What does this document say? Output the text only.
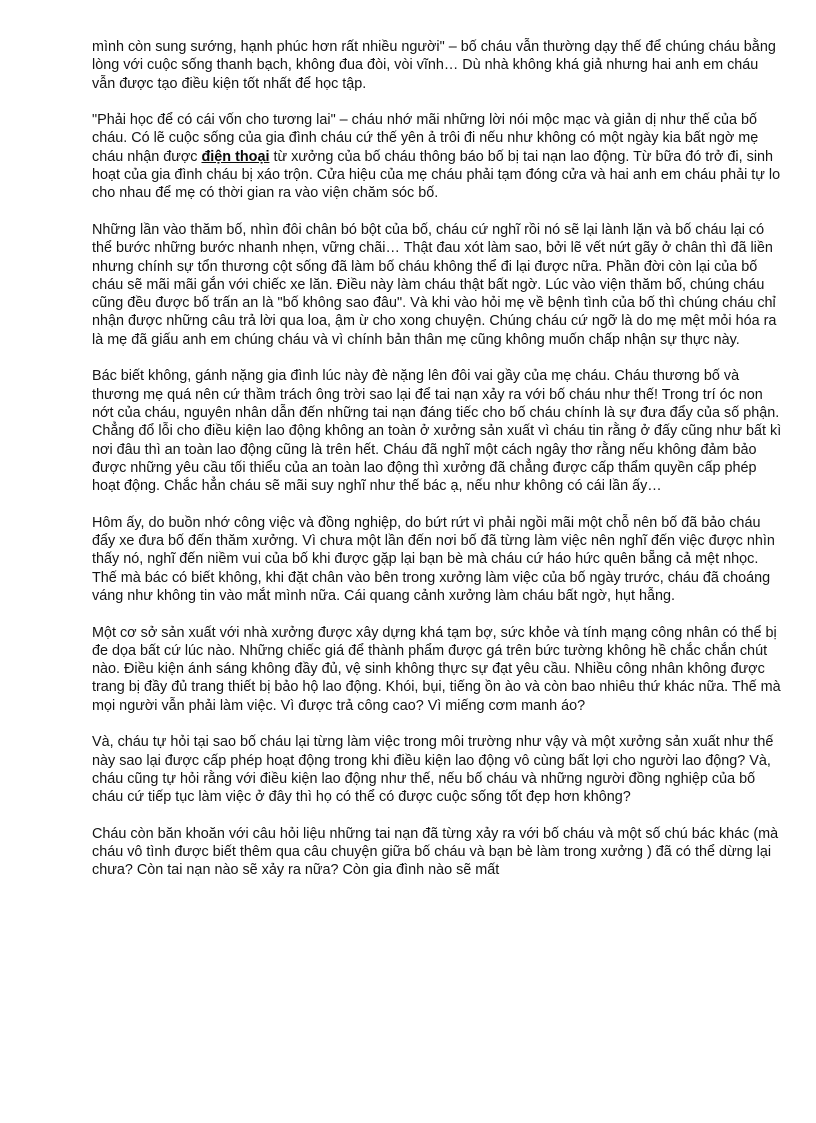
mình còn sung sướng, hạnh phúc hơn rất nhiều người" – bố cháu vẫn thường dạy thế để chúng cháu bằng lòng với cuộc sống thanh bạch, không đua đòi, vòi vĩnh… Dù nhà không khá giả nhưng hai anh em cháu vẫn được tạo điều kiện tốt nhất để học tập.

"Phải học để có cái vốn cho tương lai" – cháu nhớ mãi những lời nói mộc mạc và giản dị như thế của bố cháu. Có lẽ cuộc sống của gia đình cháu cứ thế yên ả trôi đi nếu như không có một ngày kia bất ngờ mẹ cháu nhận được điện thoại từ xưởng của bố cháu thông báo bố bị tai nạn lao động. Từ bữa đó trở đi, sinh hoạt của gia đình cháu bị xáo trộn. Cửa hiệu của mẹ cháu phải tạm đóng cửa và hai anh em cháu phải tự lo cho nhau để mẹ có thời gian ra vào viện chăm sóc bố.

Những lần vào thăm bố, nhìn đôi chân bó bột của bố, cháu cứ nghĩ rồi nó sẽ lại lành lặn và bố cháu lại có thể bước những bước nhanh nhẹn, vững chãi… Thật đau xót làm sao, bởi lẽ vết nứt gãy ở chân thì đã liền nhưng chính sự tổn thương cột sống đã làm bố cháu không thể đi lại được nữa. Phần đời còn lại của bố cháu sẽ mãi mãi gắn với chiếc xe lăn. Điều này làm cháu thật bất ngờ. Lúc vào viện thăm bố, chúng cháu cũng đều được bố trấn an là "bố không sao đâu". Và khi vào hỏi mẹ về bệnh tình của bố thì chúng cháu chỉ nhận được những câu trả lời qua loa, ậm ừ cho xong chuyện. Chúng cháu cứ ngỡ là do mẹ mệt mỏi hóa ra là mẹ đã giấu anh em chúng cháu và vì chính bản thân mẹ cũng không muốn chấp nhận sự thực này.

Bác biết không, gánh nặng gia đình lúc này đè nặng lên đôi vai gầy của mẹ cháu. Cháu thương bố và thương mẹ quá nên cứ thầm trách ông trời sao lại để tai nạn xảy ra với bố cháu như thế! Trong trí óc non nớt của cháu, nguyên nhân dẫn đến những tai nạn đáng tiếc cho bố cháu chính là sự đưa đẩy của số phận. Chẳng đổ lỗi cho điều kiện lao động không an toàn ở xưởng sản xuất vì cháu tin rằng ở đấy cũng như bất kì nơi đâu thì an toàn lao động cũng là trên hết. Cháu đã nghĩ một cách ngây thơ rằng nếu không đảm bảo được những yêu cầu tối thiểu của an toàn lao động thì xưởng đã chẳng được cấp thẩm quyền cấp phép hoạt động. Chắc hẳn cháu sẽ mãi suy nghĩ như thế bác ạ, nếu như không có cái lần ấy…

Hôm ấy, do buồn nhớ công việc và đồng nghiệp, do bứt rứt vì phải ngồi mãi một chỗ nên bố đã bảo cháu đẩy xe đưa bố đến thăm xưởng. Vì chưa một lần đến nơi bố đã từng làm việc nên nghĩ đến việc được nhìn thấy nó, nghĩ đến niềm vui của bố khi được gặp lại bạn bè mà cháu cứ háo hức quên bẵng cả mệt nhọc. Thế mà bác có biết không, khi đặt chân vào bên trong xưởng làm việc của bố ngày trước, cháu đã choáng váng như không tin vào mắt mình nữa. Cái quang cảnh xưởng làm cháu bất ngờ, hụt hẫng.

Một cơ sở sản xuất với nhà xưởng được xây dựng khá tạm bợ, sức khỏe và tính mạng công nhân có thể bị đe dọa bất cứ lúc nào. Những chiếc giá để thành phẩm được gá trên bức tường không hề chắc chắn chút nào. Điều kiện ánh sáng không đầy đủ, vệ sinh không thực sự đạt yêu cầu. Nhiều công nhân không được trang bị đầy đủ trang thiết bị bảo hộ lao động. Khói, bụi, tiếng ồn ào và còn bao nhiêu thứ khác nữa. Thế mà mọi người vẫn phải làm việc. Vì được trả công cao? Vì miếng cơm manh áo?

Và, cháu tự hỏi tại sao bố cháu lại từng làm việc trong môi trường như vậy và một xưởng sản xuất như thế này sao lại được cấp phép hoạt động trong khi điều kiện lao động vô cùng bất lợi cho người lao động? Và, cháu cũng tự hỏi rằng với điều kiện lao động như thế, nếu bố cháu và những người đồng nghiệp của bố cháu cứ tiếp tục làm việc ở đây thì họ có thể có được cuộc sống tốt đẹp hơn không?

Cháu còn băn khoăn với câu hỏi liệu những tai nạn đã từng xảy ra với bố cháu và một số chú bác khác (mà cháu vô tình được biết thêm qua câu chuyện giữa bố cháu và bạn bè làm trong xưởng ) đã có thể dừng lại chưa? Còn tai nạn nào sẽ xảy ra nữa? Còn gia đình nào sẽ mất
